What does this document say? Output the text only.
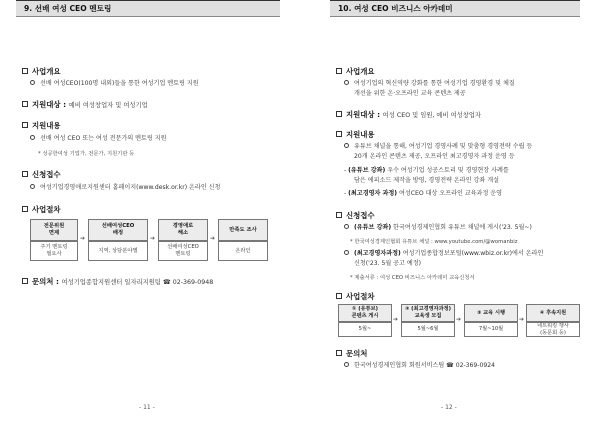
9. 선배 여성 CEO 멘토링
사업개요
선배 여성CEO(100명 내외)들을 통한 여성기업 멘토링 지원
지원대상 : 예비 여성창업자 및 여성기업
지원내용
선배 여성 CEO 또는 여성 전문가의 멘토링 지원
* 성공한여성 기업가, 전문가, 지원기관 등
신청접수
여성기업경영애로지원센터 홈페이지(www.desk.or.kr) 온라인 신청
사업절차
전문위원
면제
주기 멘토링
필요사
➔
선배여성CEO
배정
지역, 상담분야별
➔
경영애로
해소
선배여성CEO
멘토링
➔
만족도 조사
온라인
문의처 : 여성기업종합지원센터 일자리지원팀 ☎ 02-369-0948
- 11 -
10. 여성 CEO 비즈니스 아카데미
사업개요
여성기업의 혁신역량 강화를 통한 여성기업 경영환경 및 체질
개선을 위한 온·오프라인 교육 콘텐츠 제공
지원대상 : 여성 CEO 및 임원, 예비 여성창업자
지원내용
유튜브 채널을 통해, 여성기업 경영사례 및 맞춤형 경영전략 수립 등
20개 온라인 콘텐츠 제공, 오프라인 최고경영자 과정 운영 등
- (유튜브 강좌) 우수 여성기업 성공스토리 및 경영현장 사례를
담은 에피소드 제작을 방영, 경영전략 온라인 강좌 개설
- (최고경영자 과정) 여성CEO 대상 오프라인 교육과정 운영
신청접수
(유튜브 강좌) 한국여성경제인협회 유튜브 채널에 게시('23. 5월~)
* 한국여성경제인협회 유튜브 채널 : www.youtube.com/@womanbiz
(최고경영자과정) 여성기업종합정보포털(www.wbiz.or.kr)에서 온라인
신청('23. 5월 공고 예정)
* 제출서류 : 여성 CEO 비즈니스 아카데미 교육신청서
사업절차
① (유튜브)
콘텐츠 게시
5월~
➔
② (최고경영자과정)
교육생 모집
5월~6월
➔
③ 교육 시행
7월~10월
➔
④ 후속지원
네트워킹 행사
(동문회 등)
문의처
한국여성경제인협회 회원서비스팀 ☎ 02-369-0924
- 12 -
